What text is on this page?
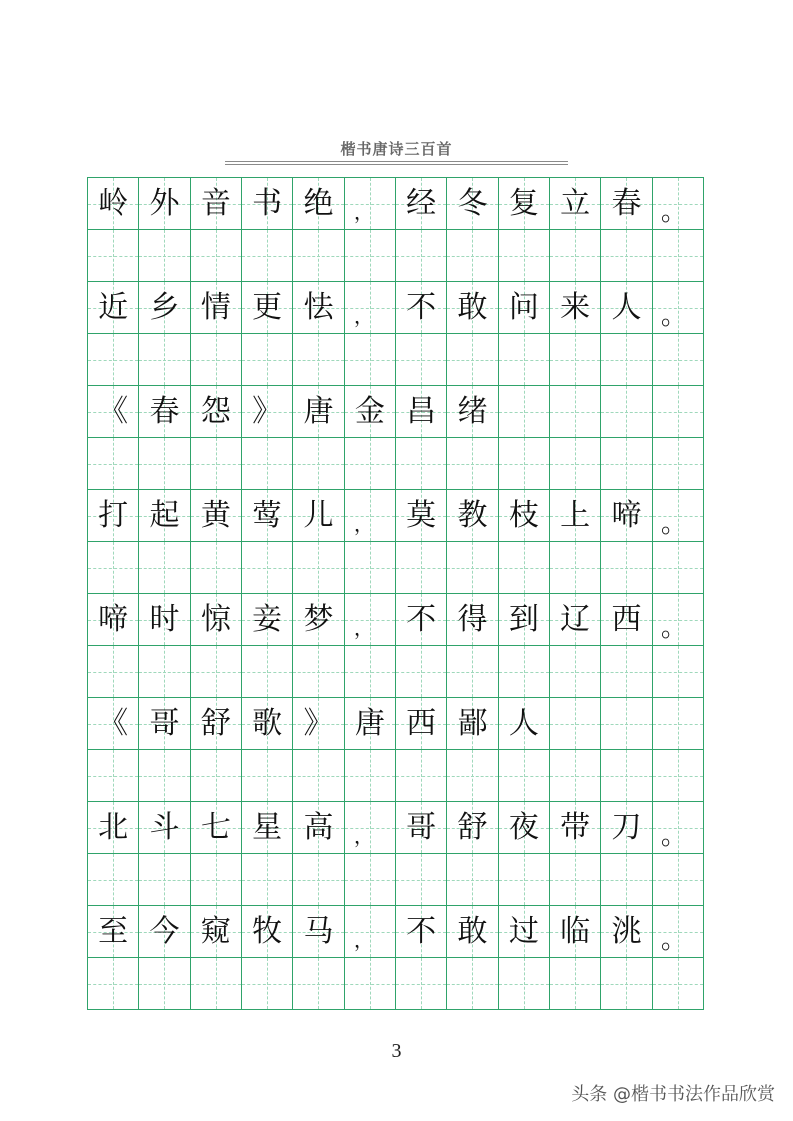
楷书唐诗三百首
岭 外 音 书 绝 ， 经 冬 复 立 春 。
近 乡 情 更 怯 ， 不 敢 问 来 人 。
《 春 怨 》 唐 金 昌 绪
打 起 黄 莺 儿 ， 莫 教 枝 上 啼 。
啼 时 惊 妾 梦 ， 不 得 到 辽 西 。
《 哥 舒 歌 》 唐 西 鄙 人
北 斗 七 星 高 ， 哥 舒 夜 带 刀 。
至 今 窥 牧 马 ， 不 敢 过 临 洮 。
3
头条 @楷书书法作品欣赏
